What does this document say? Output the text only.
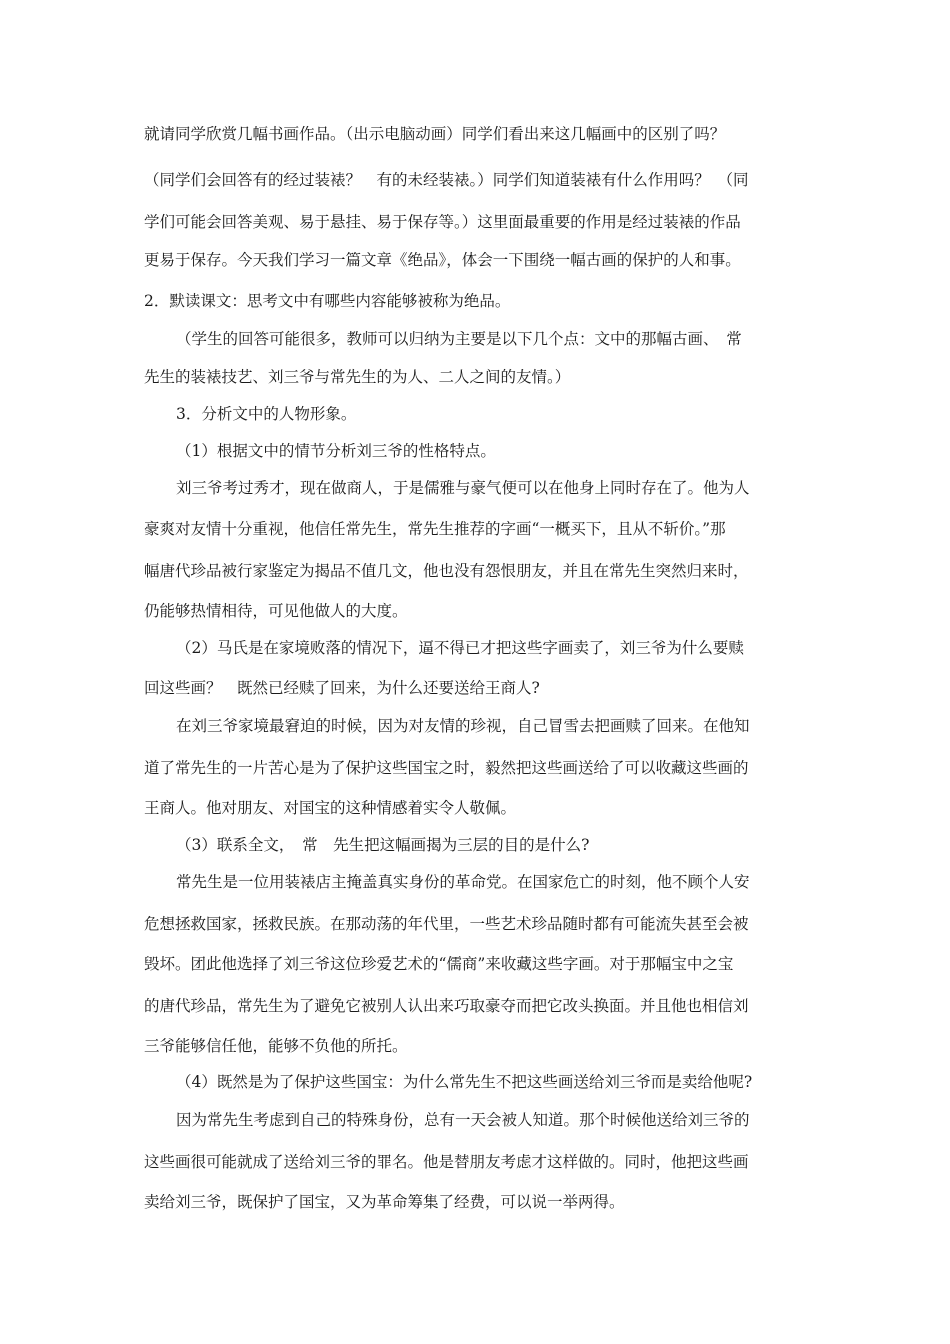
就请同学欣赏几幅书画作品。（出示电脑动画）同学们看出来这几幅画中的区别了吗？
（同学们会回答有的经过装裱？　有的未经装裱。）同学们知道装裱有什么作用吗？　（同
学们可能会回答美观、易于悬挂、易于保存等。）这里面最重要的作用是经过装裱的作品
更易于保存。今天我们学习一篇文章《绝品》，体会一下围绕一幅古画的保护的人和事。
2．默读课文：思考文中有哪些内容能够被称为绝品。
（学生的回答可能很多，教师可以归纳为主要是以下几个点：文中的那幅古画、　常
先生的装裱技艺、刘三爷与常先生的为人、二人之间的友情。）
3．分析文中的人物形象。
（1）根据文中的情节分析刘三爷的性格特点。
刘三爷考过秀才，现在做商人，于是儒雅与豪气便可以在他身上同时存在了。他为人
豪爽对友情十分重视，他信任常先生，常先生推荐的字画“一概买下，且从不斩价。”那
幅唐代珍品被行家鉴定为揭品不值几文，他也没有怨恨朋友，并且在常先生突然归来时，
仍能够热情相待，可见他做人的大度。
（2）马氏是在家境败落的情况下，逼不得已才把这些字画卖了，刘三爷为什么要赎
回这些画？　既然已经赎了回来，为什么还要送给王商人?
在刘三爷家境最窘迫的时候，因为对友情的珍视，自己冒雪去把画赎了回来。在他知
道了常先生的一片苦心是为了保护这些国宝之时，毅然把这些画送给了可以收藏这些画的
王商人。他对朋友、对国宝的这种情感着实令人敬佩。
（3）联系全文，　常　先生把这幅画揭为三层的目的是什么?
常先生是一位用装裱店主掩盖真实身份的革命党。在国家危亡的时刻，他不顾个人安
危想拯救国家，拯救民族。在那动荡的年代里，一些艺术珍品随时都有可能流失甚至会被
毁坏。团此他选择了刘三爷这位珍爱艺术的“儒商”来收藏这些字画。对于那幅宝中之宝
的唐代珍品，常先生为了避免它被别人认出来巧取豪夺而把它改头换面。并且他也相信刘
三爷能够信任他，能够不负他的所托。
（4）既然是为了保护这些国宝：为什么常先生不把这些画送给刘三爷而是卖给他呢?
因为常先生考虑到自己的特殊身份，总有一天会被人知道。那个时候他送给刘三爷的
这些画很可能就成了送给刘三爷的罪名。他是替朋友考虑才这样做的。同时，他把这些画
卖给刘三爷，既保护了国宝，又为革命筹集了经费，可以说一举两得。
